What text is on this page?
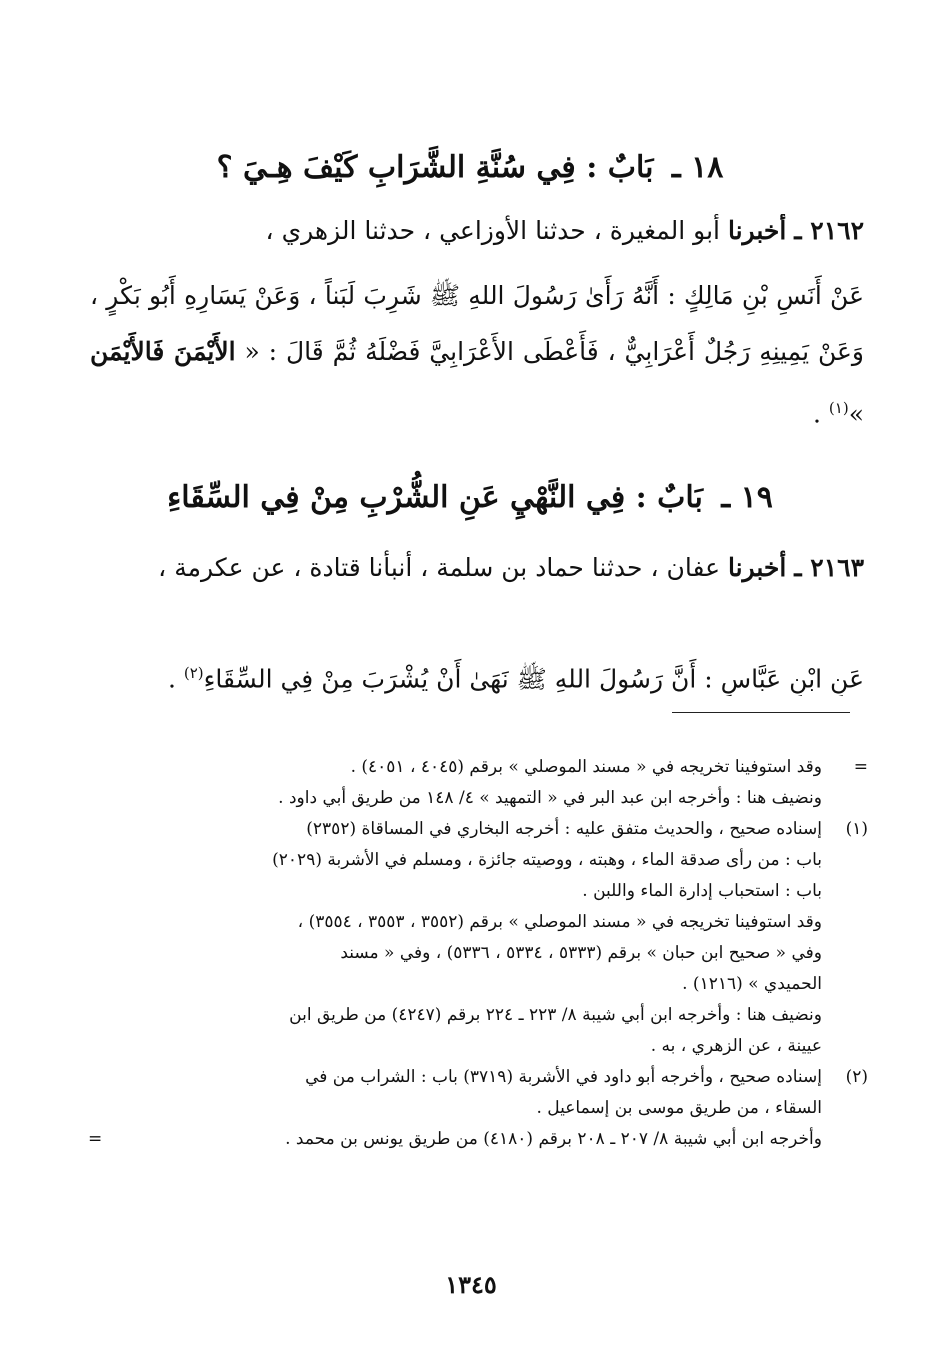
١٨ ـ بَابٌ : فِي سُنَّةِ الشَّرَابِ كَيْفَ هِـيَ ؟
٢١٦٢ ـ أخبرنا أبو المغيرة ، حدثنا الأوزاعي ، حدثنا الزهري ،
عَنْ أَنَسِ بْنِ مَالِكٍ : أَنَّهُ رَأَىٰ رَسُولَ اللهِ ﷺ شَرِبَ لَبَناً ، وَعَنْ يَسَارِهِ أَبُو بَكْرٍ ، وَعَنْ يَمِينِهِ رَجُلٌ أَعْرَابِيٌّ ، فَأَعْطَى الأَعْرَابِيَّ فَضْلَهُ ثُمَّ قَالَ : « الأَيْمَنَ فَالأَيْمَن »$^{(١)}$ .
١٩ ـ بَابٌ : فِي النَّهْيِ عَنِ الشُّرْبِ مِنْ فِي السِّقَاءِ
٢١٦٣ ـ أخبرنا عفان ، حدثنا حماد بن سلمة ، أنبأنا قتادة ، عن عكرمة ،
عَنِ ابْنِ عَبَّاسٍ : أَنَّ رَسُولَ اللهِ ﷺ نَهَىٰ أَنْ يُشْرَبَ مِنْ فِي السِّقَاءِ$^{(٢)}$ .
=
وقد استوفينا تخريجه في « مسند الموصلي » برقم (٤٠٤٥ ، ٤٠٥١) .
ونضيف هنا : وأخرجه ابن عبد البر في « التمهيد » ٤/ ١٤٨ من طريق أبي داود .
(١)
إسناده صحيح ، والحديث متفق عليه : أخرجه البخاري في المساقاة (٢٣٥٢)
باب : من رأى صدقة الماء ، وهبته ، ووصيته جائزة ، ومسلم في الأشربة (٢٠٢٩)
باب : استحباب إدارة الماء واللبن .
وقد استوفينا تخريجه في « مسند الموصلي » برقم (٣٥٥٢ ، ٣٥٥٣ ، ٣٥٥٤) ،
وفي « صحيح ابن حبان » برقم (٥٣٣٣ ، ٥٣٣٤ ، ٥٣٣٦) ، وفي « مسند
الحميدي » (١٢١٦) .
ونضيف هنا : وأخرجه ابن أبي شيبة ٨/ ٢٢٣ ـ ٢٢٤ برقم (٤٢٤٧) من طريق ابن
عيينة ، عن الزهري ، به .
(٢)
إسناده صحيح ، وأخرجه أبو داود في الأشربة (٣٧١٩) باب : الشراب من في
السقاء ، من طريق موسى بن إسماعيل .
وأخرجه ابن أبي شيبة ٨/ ٢٠٧ ـ ٢٠٨ برقم (٤١٨٠) من طريق يونس بن محمد .
=
١٣٤٥
